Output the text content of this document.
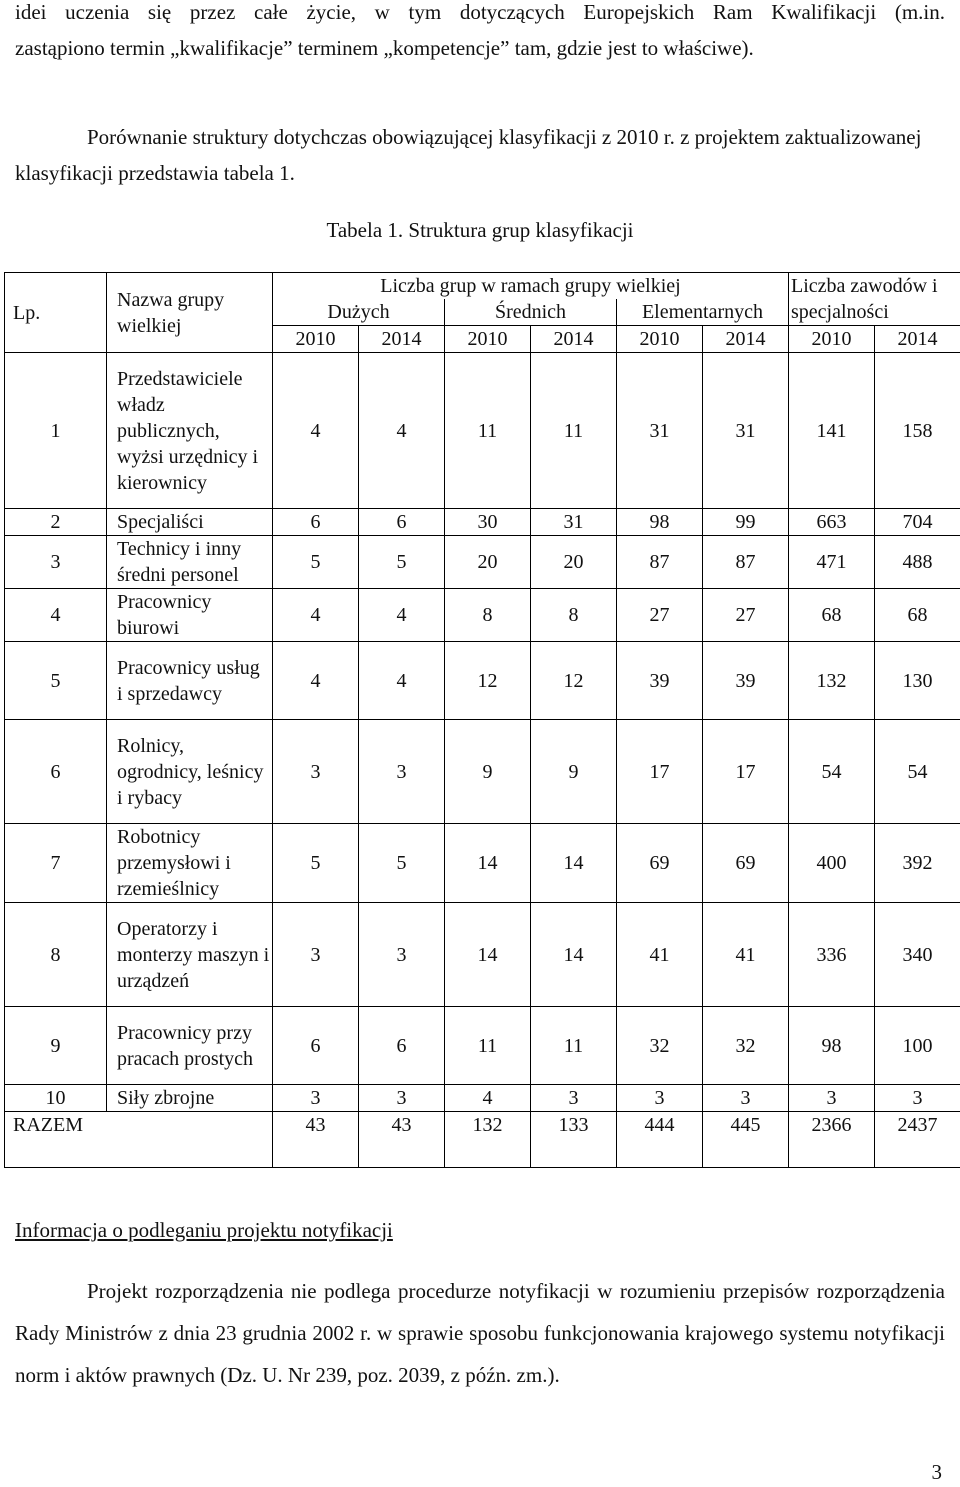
idei uczenia się przez całe życie, w tym dotyczących Europejskich Ram Kwalifikacji (m.in.
zastąpiono termin „kwalifikacje” terminem „kompetencje” tam, gdzie jest to właściwe).
Porównanie struktury dotychczas obowiązującej klasyfikacji z 2010 r. z projektem zaktualizowanej klasyfikacji przedstawia tabela 1.
Tabela 1. Struktura grup klasyfikacji
Lp.	Nazwa grupy wielkiej	Liczba grup w ramach grupy wielkiej						Liczba zawodów i specjalności	
		Dużych		Średnich		Elementarnych			
		2010	2014	2010	2014	2010	2014	2010	2014
1	Przedstawiciele władz publicznych, wyżsi urzędnicy i kierownicy	4	4	11	11	31	31	141	158
2	Specjaliści	6	6	30	31	98	99	663	704
3	Technicy i inny średni personel	5	5	20	20	87	87	471	488
4	Pracownicy biurowi	4	4	8	8	27	27	68	68
5	Pracownicy usług i sprzedawcy	4	4	12	12	39	39	132	130
6	Rolnicy, ogrodnicy, leśnicy i rybacy	3	3	9	9	17	17	54	54
7	Robotnicy przemysłowi i rzemieślnicy	5	5	14	14	69	69	400	392
8	Operatorzy i monterzy maszyn i urządzeń	3	3	14	14	41	41	336	340
9	Pracownicy przy pracach prostych	6	6	11	11	32	32	98	100
10	Siły zbrojne	3	3	4	3	3	3	3	3
RAZEM		43	43	132	133	444	445	2366	2437
Informacja o podleganiu projektu notyfikacji
Projekt rozporządzenia nie podlega procedurze notyfikacji w rozumieniu przepisów rozporządzenia Rady Ministrów z dnia 23 grudnia 2002 r. w sprawie sposobu funkcjonowania krajowego systemu notyfikacji norm i aktów prawnych (Dz. U. Nr 239, poz. 2039, z późn. zm.).
3
